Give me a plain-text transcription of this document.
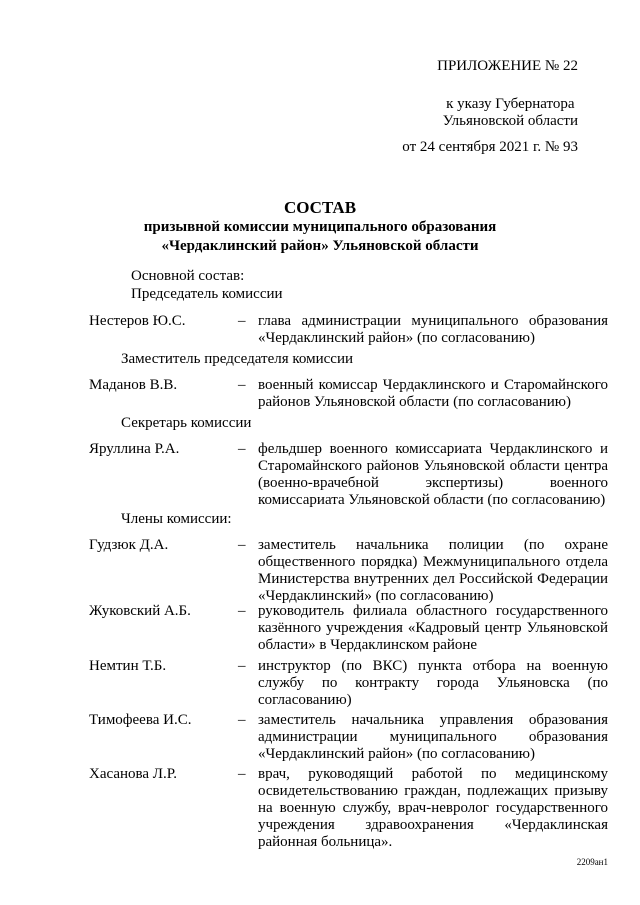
ПРИЛОЖЕНИЕ № 22
к указу Губернатора
Ульяновской области
от 24 сентября 2021 г. № 93
СОСТАВ
призывной комиссии муниципального образования
«Чердаклинский район» Ульяновской области
Основной состав:
Председатель комиссии
Нестеров Ю.С.	– глава администрации муниципального образования «Чердаклинский район» (по согласованию)
Заместитель председателя комиссии
Маданов В.В.	– военный комиссар Чердаклинского и Старомайнского районов Ульяновской области (по согласованию)
Секретарь комиссии
Яруллина Р.А.	– фельдшер военного комиссариата Чердаклинского и Старомайнского районов Ульяновской области центра (военно-врачебной экспертизы) военного комиссариата Ульяновской области (по согласованию)
Члены комиссии:
Гудзюк Д.А.	– заместитель начальника полиции (по охране общественного порядка) Межмуниципального отдела Министерства внутренних дел Российской Федерации «Чердаклинский» (по согласованию)
Жуковский А.Б.	– руководитель филиала областного государственного казённого учреждения «Кадровый центр Ульяновской области» в Чердаклинском районе
Немтин Т.Б.	– инструктор (по ВКС) пункта отбора на военную службу по контракту города Ульяновска (по согласованию)
Тимофеева И.С.	– заместитель начальника управления образования администрации муниципального образования «Чердаклинский район» (по согласованию)
Хасанова Л.Р.	– врач, руководящий работой по медицинскому освидетельствованию граждан, подлежащих призыву на военную службу, врач-невролог государственного учреждения здравоохранения «Чердаклинская районная больница».
2209ан1
